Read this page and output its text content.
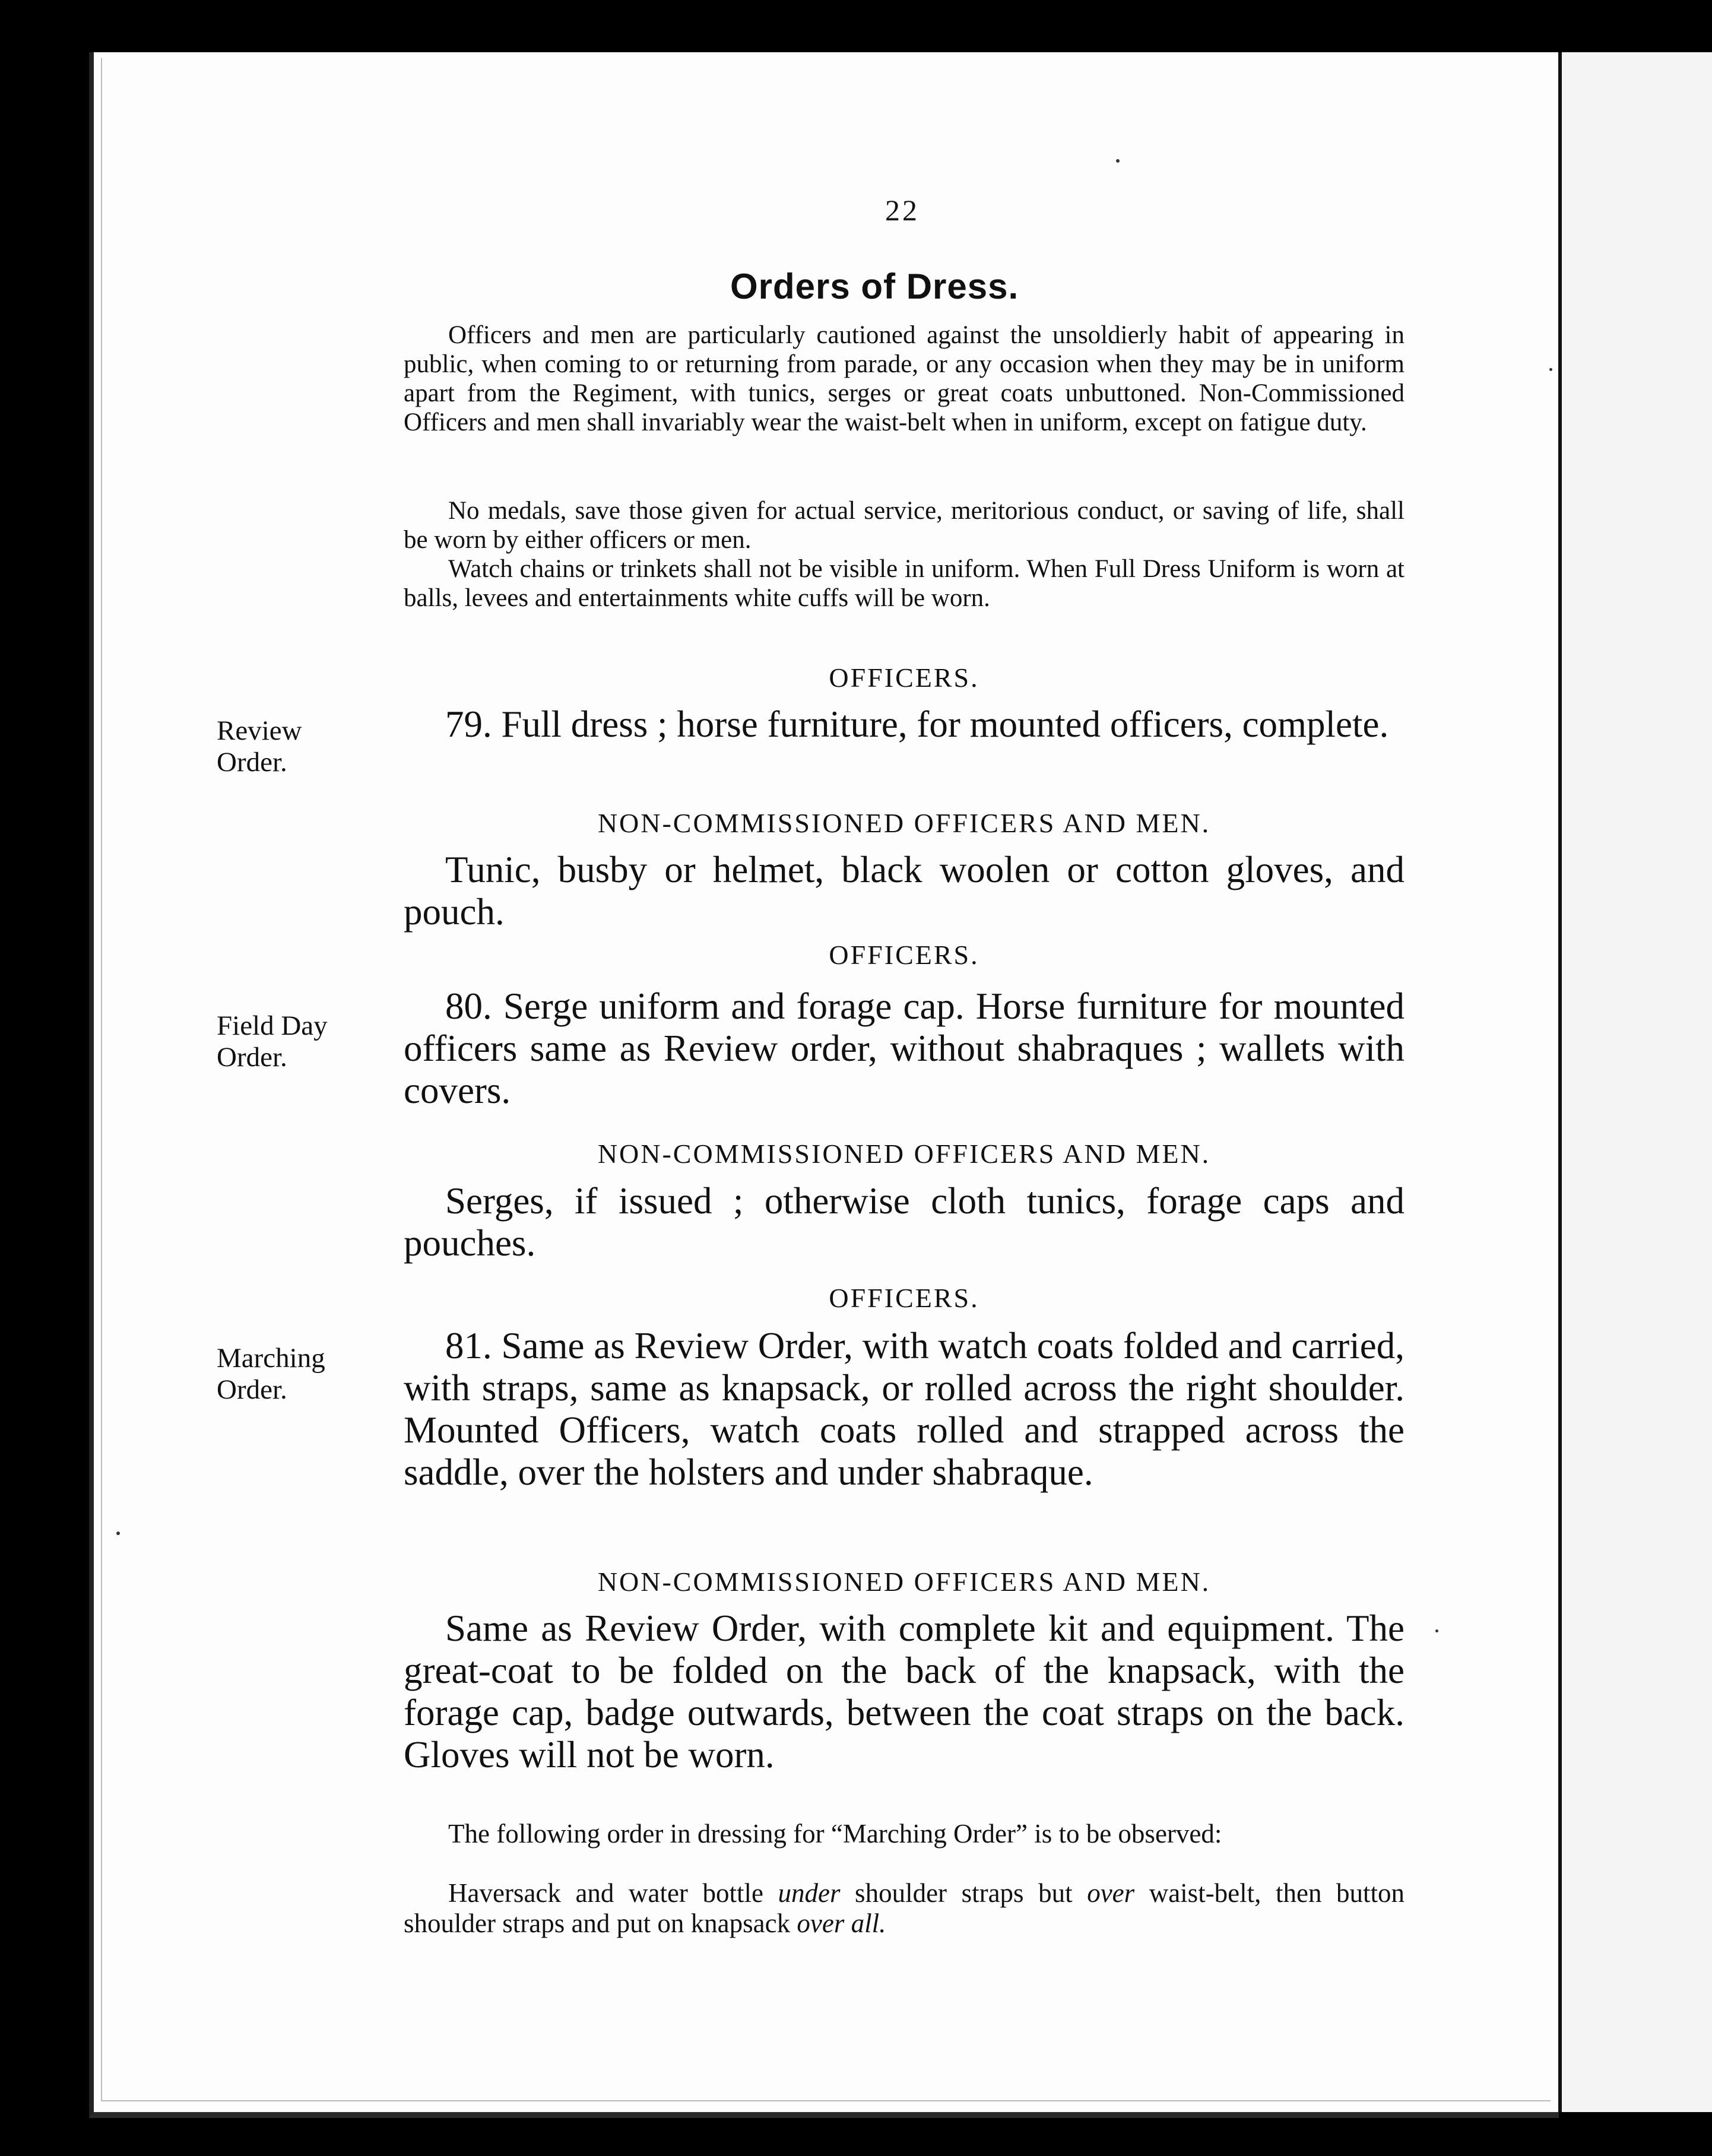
22
Orders of Dress.

Officers and men are particularly cautioned against the unsoldierly habit of appearing in public, when coming to or returning from parade, or any occasion when they may be in uniform apart from the Regiment, with tunics, serges or great coats unbuttoned. Non-Commissioned Officers and men shall invariably wear the waist-belt when in uniform, except on fatigue duty.

No medals, save those given for actual service, meritorious conduct, or saving of life, shall be worn by either officers or men.

Watch chains or trinkets shall not be visible in uniform. When Full Dress Uniform is worn at balls, levees and entertainments white cuffs will be worn.

OFFICERS.

Review
Order.

79. Full dress ; horse furniture, for mounted officers, complete.

NON-COMMISSIONED OFFICERS AND MEN.

Tunic, busby or helmet, black woolen or cotton gloves, and pouch.

OFFICERS.

Field Day
Order.

80. Serge uniform and forage cap. Horse furniture for mounted officers same as Review order, without shabraques ; wallets with covers.

NON-COMMISSIONED OFFICERS AND MEN.

Serges, if issued ; otherwise cloth tunics, forage caps and pouches.

OFFICERS.

Marching
Order.

81. Same as Review Order, with watch coats folded and carried, with straps, same as knapsack, or rolled across the right shoulder. Mounted Officers, watch coats rolled and strapped across the saddle, over the holsters and under shabraque.

NON-COMMISSIONED OFFICERS AND MEN.

Same as Review Order, with complete kit and equipment. The great-coat to be folded on the back of the knapsack, with the forage cap, badge outwards, between the coat straps on the back. Gloves will not be worn.

The following order in dressing for “Marching Order” is to be observed:

Haversack and water bottle under shoulder straps but over waist-belt, then button shoulder straps and put on knapsack over all.
